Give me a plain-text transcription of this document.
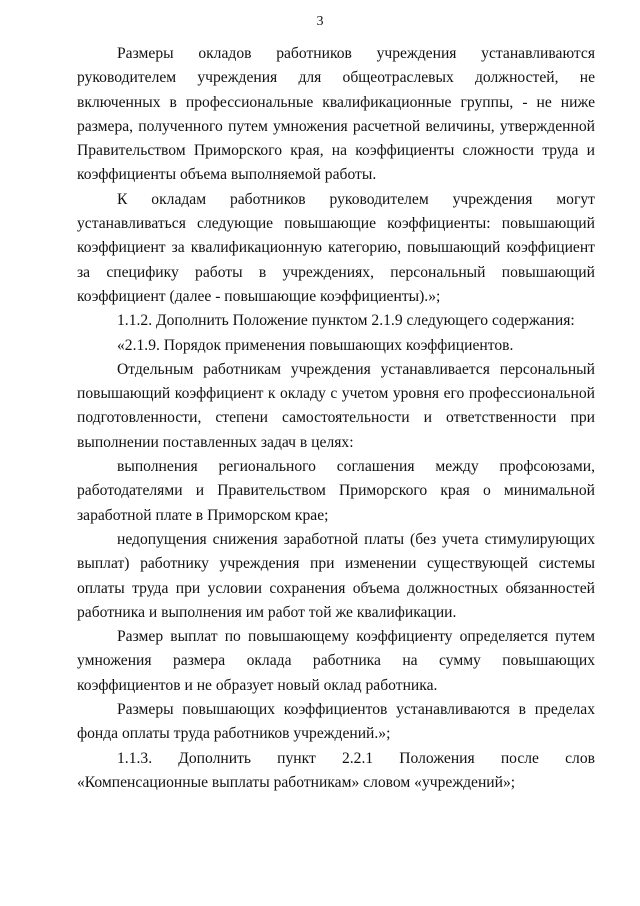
3

Размеры окладов работников учреждения устанавливаются руководителем учреждения для общеотраслевых должностей, не включенных в профессиональные квалификационные группы, - не ниже размера, полученного путем умножения расчетной величины, утвержденной Правительством Приморского края, на коэффициенты сложности труда и коэффициенты объема выполняемой работы.

К окладам работников руководителем учреждения могут устанавливаться следующие повышающие коэффициенты: повышающий коэффициент за квалификационную категорию, повышающий коэффициент за специфику работы в учреждениях, персональный повышающий коэффициент (далее - повышающие коэффициенты).»;

1.1.2. Дополнить Положение пунктом 2.1.9 следующего содержания:

«2.1.9. Порядок применения повышающих коэффициентов.

Отдельным работникам учреждения устанавливается персональный повышающий коэффициент к окладу с учетом уровня его профессиональной подготовленности, степени самостоятельности и ответственности при выполнении поставленных задач в целях:

выполнения регионального соглашения между профсоюзами, работодателями и Правительством Приморского края о минимальной заработной плате в Приморском крае;

недопущения снижения заработной платы (без учета стимулирующих выплат) работнику учреждения при изменении существующей системы оплаты труда при условии сохранения объема должностных обязанностей работника и выполнения им работ той же квалификации.

Размер выплат по повышающему коэффициенту определяется путем умножения размера оклада работника на сумму повышающих коэффициентов и не образует новый оклад работника.

Размеры повышающих коэффициентов устанавливаются в пределах фонда оплаты труда работников учреждений.»;

1.1.3. Дополнить пункт 2.2.1 Положения после слов «Компенсационные выплаты работникам» словом «учреждений»;
